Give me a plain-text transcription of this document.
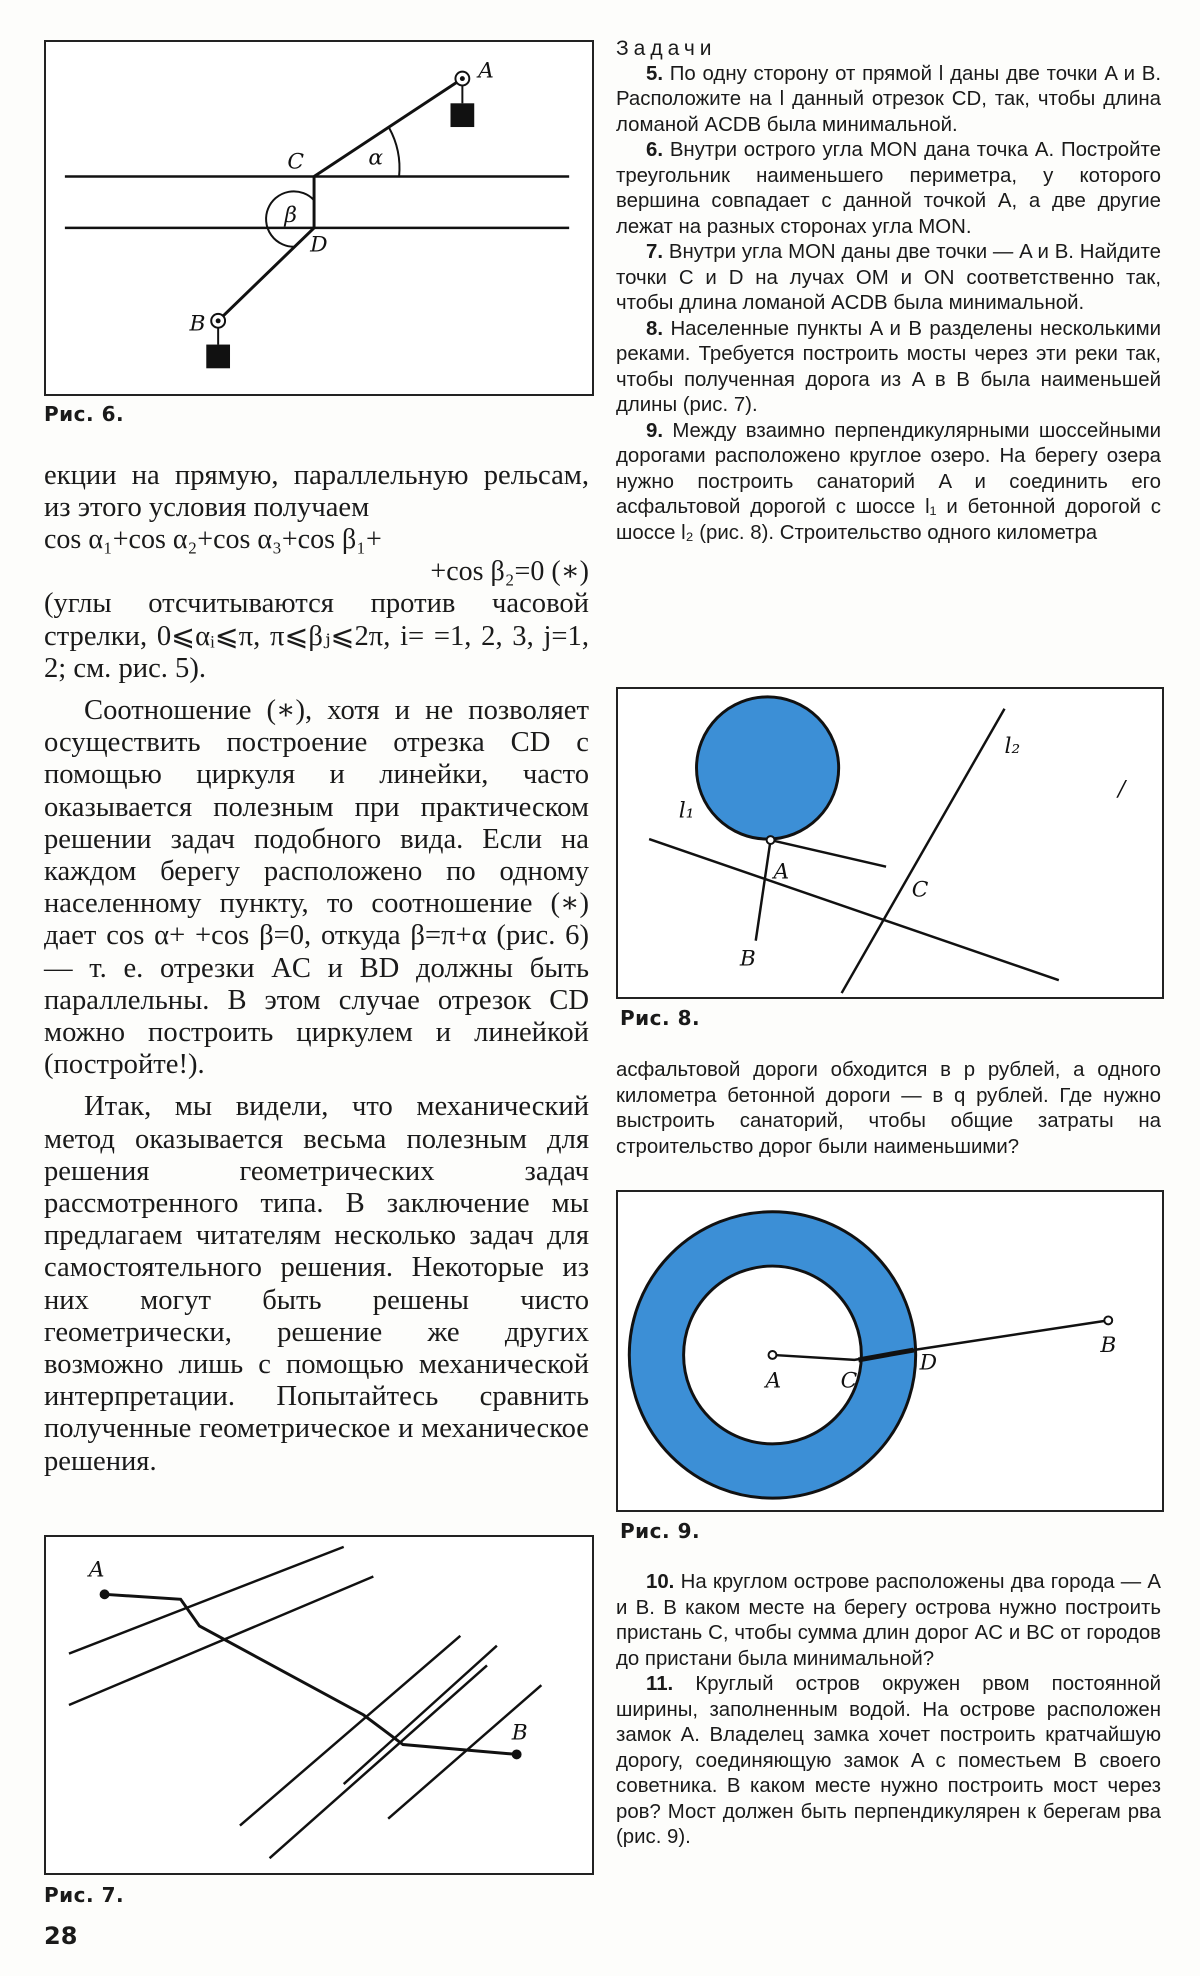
A
B
C
D
α
β
Рис. 6.

екции на прямую, параллельную рельсам, из этого условия получаем

cos α₁+cos α₂+cos α₃+cos β₁+
+cos β₂=0 (∗)

(углы отсчитываются против часовой стрелки, 0⩽αᵢ⩽π, π⩽βⱼ⩽2π, i= =1, 2, 3, j=1, 2; см. рис. 5).

Соотношение (∗), хотя и не позволяет осуществить построение отрезка CD с помощью циркуля и линейки, часто оказывается полезным при практическом решении задач подобного вида. Если на каждом берегу расположено по одному населенному пункту, то соотношение (∗) дает cos α+ +cos β=0, откуда β=π+α (рис. 6) — т. е. отрезки AC и BD должны быть параллельны. В этом случае отрезок CD можно построить циркулем и линейкой (постройте!).

Итак, мы видели, что механический метод оказывается весьма полезным для решения геометрических задач рассмотренного типа. В заключение мы предлагаем читателям несколько задач для самостоятельного решения. Некоторые из них могут быть решены чисто геометрически, решение же других возможно лишь с помощью механической интерпретации. Попытайтесь сравнить полученные геометрическое и механическое решения.

A
B
Рис. 7.
28

Задачи

5. По одну сторону от прямой l даны две точки A и B. Расположите на l данный отрезок CD, так, чтобы длина ломаной ACDB была минимальной.

6. Внутри острого угла MON дана точка A. Постройте треугольник наименьшего периметра, у которого вершина совпадает с данной точкой A, а две другие лежат на разных сторонах угла MON.

7. Внутри угла MON даны две точки — A и B. Найдите точки C и D на лучах OM и ON соответственно так, чтобы длина ломаной ACDB была минимальной.

8. Населенные пункты A и B разделены несколькими реками. Требуется построить мосты через эти реки так, чтобы полученная дорога из A в B была наименьшей длины (рис. 7).

9. Между взаимно перпендикулярными шоссейными дорогами расположено круглое озеро. На берегу озера нужно построить санаторий A и соединить его асфальтовой дорогой с шоссе l₁ и бетонной дорогой с шоссе l₂ (рис. 8). Строительство одного километра

l₁
l₂
A
B
C
/
Рис. 8.

асфальтовой дороги обходится в p рублей, а одного километра бетонной дороги — в q рублей. Где нужно выстроить санаторий, чтобы общие затраты на строительство дорог были наименьшими?

A	C
D
B
Рис. 9.

10. На круглом острове расположены два города — A и B. В каком месте на берегу острова нужно построить пристань C, чтобы сумма длин дорог AC и BC от городов до пристани была минимальной?

11. Круглый остров окружен рвом постоянной ширины, заполненным водой. На острове расположен замок A. Владелец замка хочет построить кратчайшую дорогу, соединяющую замок A с поместьем B своего советника. В каком месте нужно построить мост через ров? Мост должен быть перпендикулярен к берегам рва (рис. 9).
